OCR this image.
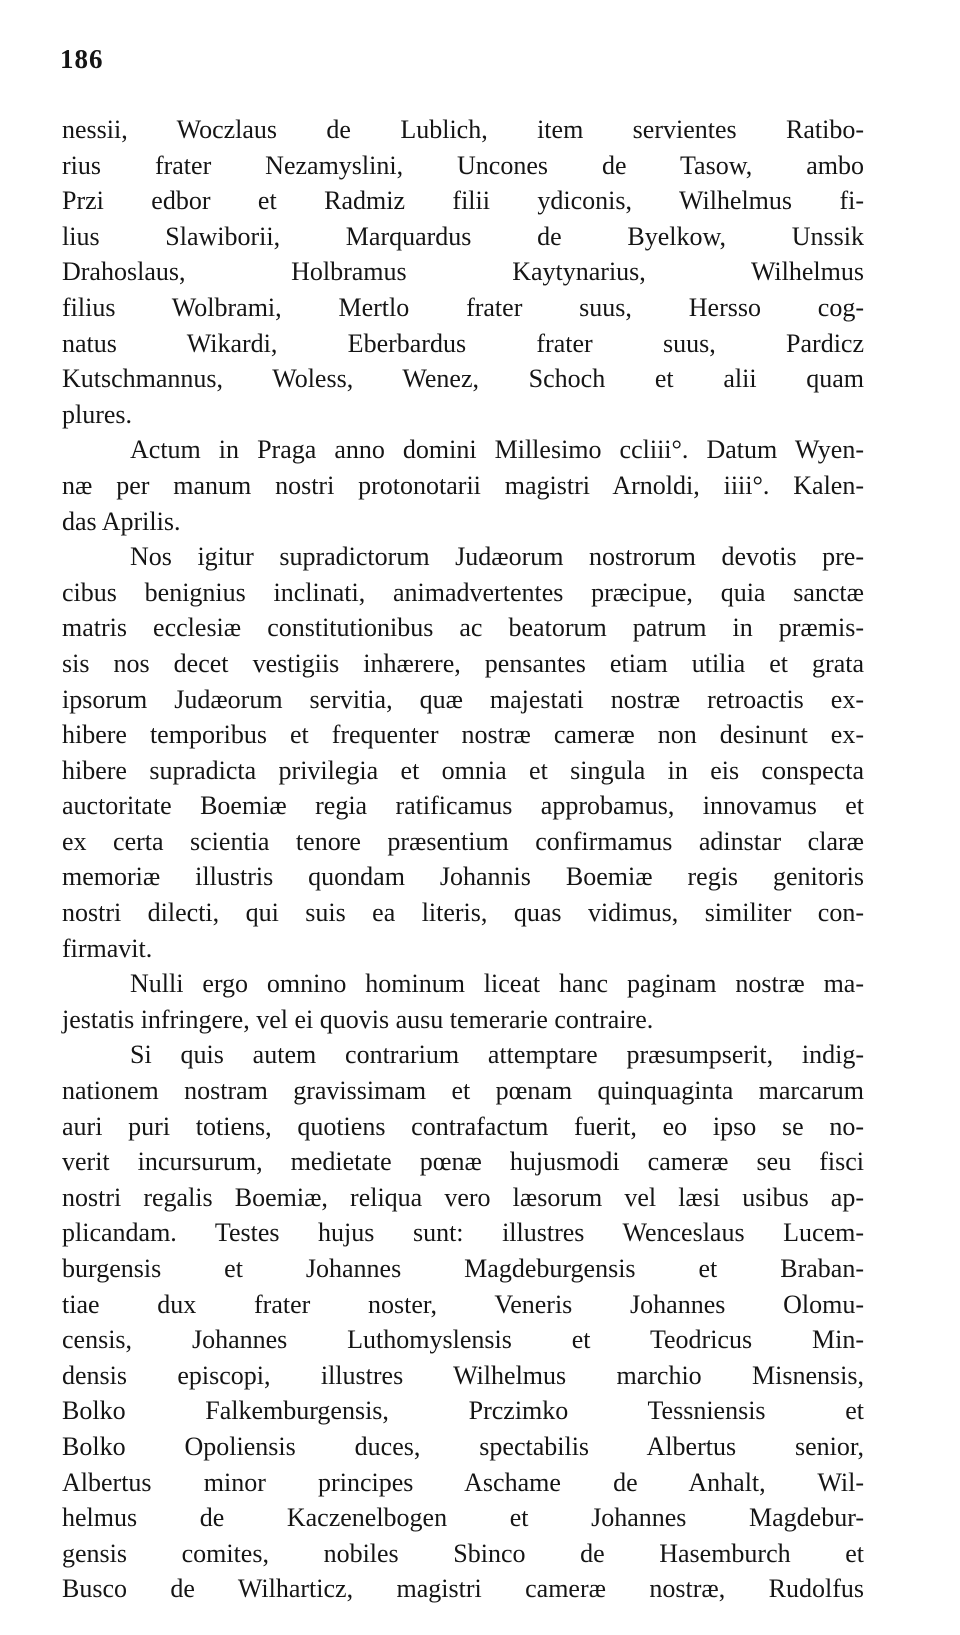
186

nessii, Woczlaus de Lublich, item servientes Ratibo-
rius frater Nezamyslini, Uncones de Tasow, ambo
Przi edbor et Radmiz filii ydiconis, Wilhelmus fi-
lius Slawiborii, Marquardus de Byelkow, Unssik
Drahoslaus, Holbramus Kaytynarius, Wilhelmus
filius Wolbrami, Mertlo frater suus, Hersso cog-
natus Wikardi, Eberbardus frater suus, Pardicz
Kutschmannus, Woless, Wenez, Schoch et alii quam
plures.
Actum in Praga anno domini Millesimo ccliii°. Datum Wyen-
næ per manum nostri protonotarii magistri Arnoldi, iiii°. Kalen-
das Aprilis.
Nos igitur supradictorum Judæorum nostrorum devotis pre-
cibus benignius inclinati, animadvertentes præcipue, quia sanctæ
matris ecclesiæ constitutionibus ac beatorum patrum in præmis-
sis nos decet vestigiis inhærere, pensantes etiam utilia et grata
ipsorum Judæorum servitia, quæ majestati nostræ retroactis ex-
hibere temporibus et frequenter nostræ cameræ non desinunt ex-
hibere supradicta privilegia et omnia et singula in eis conspecta
auctoritate Boemiæ regia ratificamus approbamus, innovamus et
ex certa scientia tenore præsentium confirmamus adinstar claræ
memoriæ illustris quondam Johannis Boemiæ regis genitoris
nostri dilecti, qui suis ea literis, quas vidimus, similiter con-
firmavit.
Nulli ergo omnino hominum liceat hanc paginam nostræ ma-
jestatis infringere, vel ei quovis ausu temerarie contraire.
Si quis autem contrarium attemptare præsumpserit, indig-
nationem nostram gravissimam et pœnam quinquaginta marcarum
auri puri totiens, quotiens contrafactum fuerit, eo ipso se no-
verit incursurum, medietate pœnæ hujusmodi cameræ seu fisci
nostri regalis Boemiæ, reliqua vero læsorum vel læsi usibus ap-
plicandam. Testes hujus sunt: illustres Wenceslaus Lucem-
burgensis et Johannes Magdeburgensis et Braban-
tiae dux frater noster, Veneris Johannes Olomu-
censis, Johannes Luthomyslensis et Teodricus Min-
densis episcopi, illustres Wilhelmus marchio Misnensis,
Bolko Falkemburgensis, Prczimko Tessniensis et
Bolko Opoliensis duces, spectabilis Albertus senior,
Albertus minor principes Aschame de Anhalt, Wil-
helmus de Kaczenelbogen et Johannes Magdebur-
gensis comites, nobiles Sbinco de Hasemburch et
Busco de Wilharticz, magistri cameræ nostræ, Rudolfus
